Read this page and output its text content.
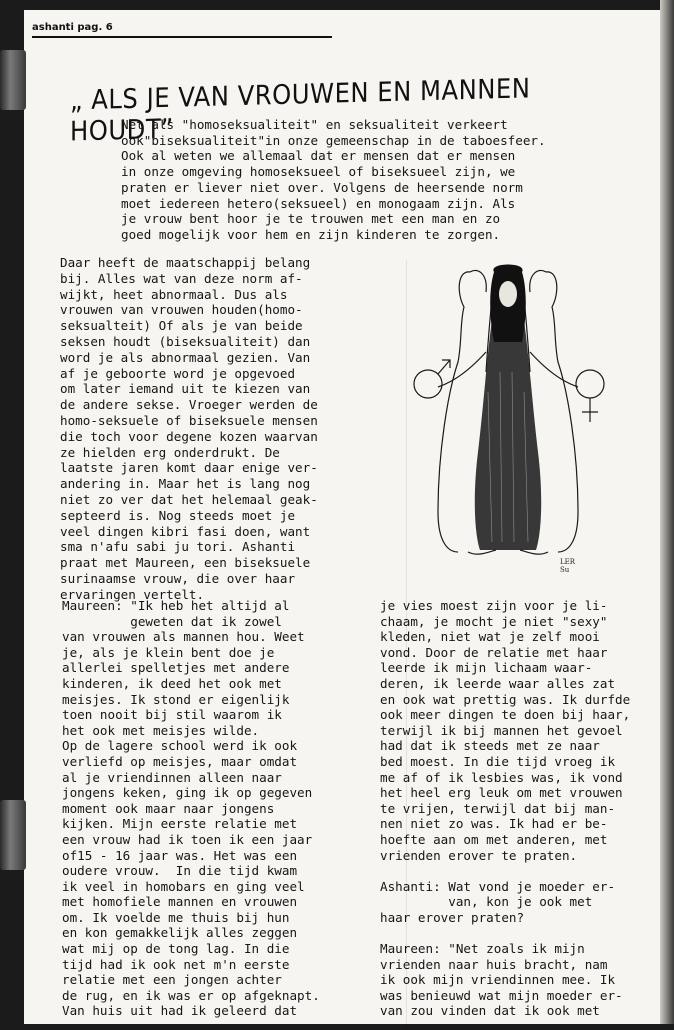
ashanti pag. 6
„ ALS JE VAN VROUWEN EN MANNEN HOUDT”
Net als "homoseksualiteit" en seksualiteit verkeert
ook"biseksualiteit"in onze gemeenschap in de taboesfeer.
Ook al weten we allemaal dat er mensen dat er mensen
in onze omgeving homoseksueel of biseksueel zijn, we
praten er liever niet over. Volgens de heersende norm
moet iedereen hetero(seksueel) en monogaam zijn. Als
je vrouw bent hoor je te trouwen met een man en zo
goed mogelijk voor hem en zijn kinderen te zorgen.
Daar heeft de maatschappij belang
bij. Alles wat van deze norm af-
wijkt, heet abnormaal. Dus als
vrouwen van vrouwen houden(homo-
seksualteit) Of als je van beide
seksen houdt (biseksualiteit) dan
word je als abnormaal gezien. Van
af je geboorte word je opgevoed
om later iemand uit te kiezen van
de andere sekse. Vroeger werden de
homo-seksuele of biseksuele mensen
die toch voor degene kozen waarvan
ze hielden erg onderdrukt. De
laatste jaren komt daar enige ver-
andering in. Maar het is lang nog
niet zo ver dat het helemaal geak-
septeerd is. Nog steeds moet je
veel dingen kibri fasi doen, want
sma n'afu sabi ju tori. Ashanti
praat met Maureen, een biseksuele
surinaamse vrouw, die over haar
ervaringen vertelt.
Maureen: "Ik heb het altijd al
geweten dat ik zowel
van vrouwen als mannen hou. Weet
je, als je klein bent doe je
allerlei spelletjes met andere
kinderen, ik deed het ook met
meisjes. Ik stond er eigenlijk
toen nooit bij stil waarom ik
het ook met meisjes wilde.
Op de lagere school werd ik ook
verliefd op meisjes, maar omdat
al je vriendinnen alleen naar
jongens keken, ging ik op gegeven
moment ook maar naar jongens
kijken. Mijn eerste relatie met
een vrouw had ik toen ik een jaar
of15 - 16 jaar was. Het was een
oudere vrouw.  In die tijd kwam
ik veel in homobars en ging veel
met homofiele mannen en vrouwen
om. Ik voelde me thuis bij hun
en kon gemakkelijk alles zeggen
wat mij op de tong lag. In die
tijd had ik ook net m'n eerste
relatie met een jongen achter
de rug, en ik was er op afgeknapt.
Van huis uit had ik geleerd dat
je vies moest zijn voor je li-
chaam, je mocht je niet "sexy"
kleden, niet wat je zelf mooi
vond. Door de relatie met haar
leerde ik mijn lichaam waar-
deren, ik leerde waar alles zat
en ook wat prettig was. Ik durfde
ook meer dingen te doen bij haar,
terwijl ik bij mannen het gevoel
had dat ik steeds met ze naar
bed moest. In die tijd vroeg ik
me af of ik lesbies was, ik vond
het heel erg leuk om met vrouwen
te vrijen, terwijl dat bij man-
nen niet zo was. Ik had er be-
hoefte aan om met anderen, met
vrienden erover te praten.

Ashanti: Wat vond je moeder er-
van, kon je ook met
haar erover praten?

Maureen: "Net zoals ik mijn
vrienden naar huis bracht, nam
ik ook mijn vriendinnen mee. Ik
was benieuwd wat mijn moeder er-
van zou vinden dat ik ook met
LER
Su
